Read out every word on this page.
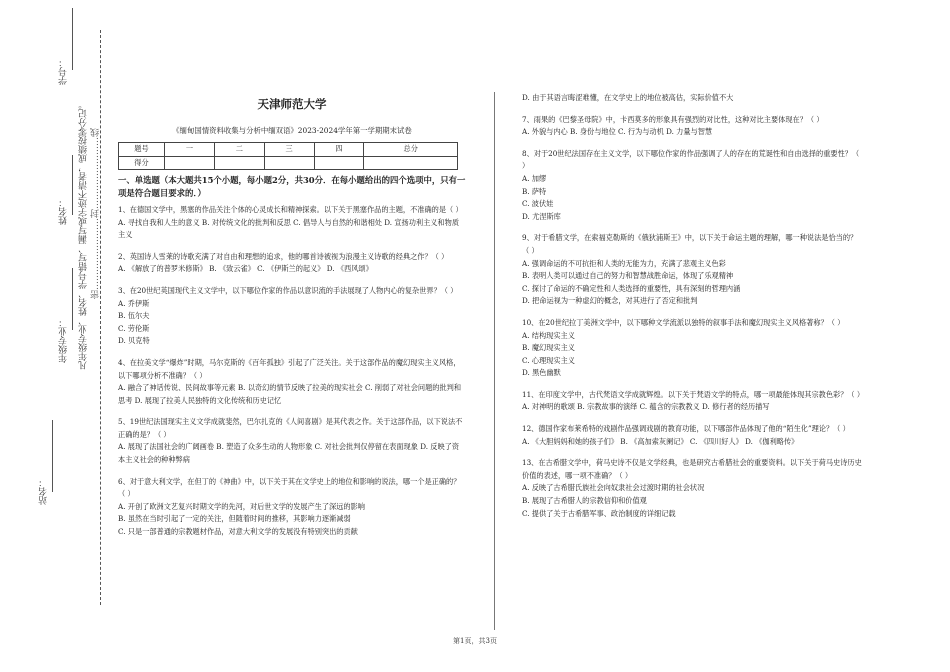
学号：
姓名：
年级专业：
站名：
凡年级专业、姓名、学号错写、漏写或字迹不清者，成绩按零分记。 密……………………封……………………线
天津师范大学
《缅甸国情资料收集与分析中缅双语》2023-2024学年第一学期期末试卷
题号	一	二	三	四	总分
得分					
一、单选题（本大题共15个小题，每小题2分，共30分．在每小题给出的四个选项中，只有一项是符合题目要求的．）

1、在德国文学中，黑塞的作品关注个体的心灵成长和精神探索。以下关于黑塞作品的主题，不准确的是（ ）

A. 寻找自我和人生的意义 B. 对传统文化的批判和反思 C. 倡导人与自然的和谐相处 D. 宣扬功利主义和物质主义

2、英国诗人雪莱的诗歌充满了对自由和理想的追求，他的哪首诗被视为浪漫主义诗歌的经典之作？（ ）

A. 《解放了的普罗米修斯》 B. 《致云雀》 C. 《伊斯兰的起义》 D. 《西风颂》

3、在20世纪英国现代主义文学中，以下哪位作家的作品以意识流的手法展现了人物内心的复杂世界？（ ）

A. 乔伊斯

B. 伍尔夫

C. 劳伦斯

D. 贝克特

4、在拉美文学“爆炸”时期，马尔克斯的《百年孤独》引起了广泛关注。关于这部作品的魔幻现实主义风格，以下哪项分析不准确？（ ）

A. 融合了神话传说、民间故事等元素 B. 以奇幻的情节反映了拉美的现实社会 C. 削弱了对社会问题的批判和思考 D. 展现了拉美人民独特的文化传统和历史记忆

5、19世纪法国现实主义文学成就斐然，巴尔扎克的《人间喜剧》是其代表之作。关于这部作品，以下说法不正确的是？（ ）

A. 展现了法国社会的广阔画卷 B. 塑造了众多生动的人物形象 C. 对社会批判仅停留在表面现象 D. 反映了资本主义社会的种种弊病

6、对于意大利文学，在但丁的《神曲》中，以下关于其在文学史上的地位和影响的说法，哪一个是正确的？（ ）

A. 开创了欧洲文艺复兴时期文学的先河，对后世文学的发展产生了深远的影响

B. 虽然在当时引起了一定的关注，但随着时间的推移，其影响力逐渐减弱

C. 只是一部普通的宗教题材作品，对意大利文学的发展没有特别突出的贡献

D. 由于其语言晦涩难懂，在文学史上的地位被高估，实际价值不大

7、雨果的《巴黎圣母院》中，卡西莫多的形象具有强烈的对比性，这种对比主要体现在？（ ）

A. 外貌与内心 B. 身份与地位 C. 行为与动机 D. 力量与智慧

8、对于20世纪法国存在主义文学，以下哪位作家的作品强调了人的存在的荒诞性和自由选择的重要性？（ ）

A. 加缪

B. 萨特

C. 波伏娃

D. 尤涅斯库

9、对于希腊文学，在索福克勒斯的《俄狄浦斯王》中，以下关于命运主题的理解，哪一种说法是恰当的？（ ）

A. 强调命运的不可抗拒和人类的无能为力，充满了悲观主义色彩

B. 表明人类可以通过自己的努力和智慧战胜命运，体现了乐观精神

C. 探讨了命运的不确定性和人类选择的重要性，具有深刻的哲理内涵

D. 把命运视为一种虚幻的概念，对其进行了否定和批判

10、在20世纪拉丁美洲文学中，以下哪种文学流派以独特的叙事手法和魔幻现实主义风格著称？（ ）

A. 结构现实主义

B. 魔幻现实主义

C. 心理现实主义

D. 黑色幽默

11、在印度文学中，古代梵语文学成就辉煌。以下关于梵语文学的特点，哪一项最能体现其宗教色彩？（ ）

A. 对神明的歌颂 B. 宗教故事的演绎 C. 蕴含的宗教教义 D. 修行者的经历描写

12、德国作家布莱希特的戏剧作品强调戏剧的教育功能，以下哪部作品体现了他的“陌生化”理论？（ ）

A. 《大胆妈妈和她的孩子们》 B. 《高加索灰阑记》 C. 《四川好人》 D. 《伽利略传》

13、在古希腊文学中，荷马史诗不仅是文学经典，也是研究古希腊社会的重要资料。以下关于荷马史诗历史价值的表述，哪一项不准确？（ ）

A. 反映了古希腊氏族社会向奴隶社会过渡时期的社会状况

B. 展现了古希腊人的宗教信仰和价值观

C. 提供了关于古希腊军事、政治制度的详细记载

第1页，共3页
